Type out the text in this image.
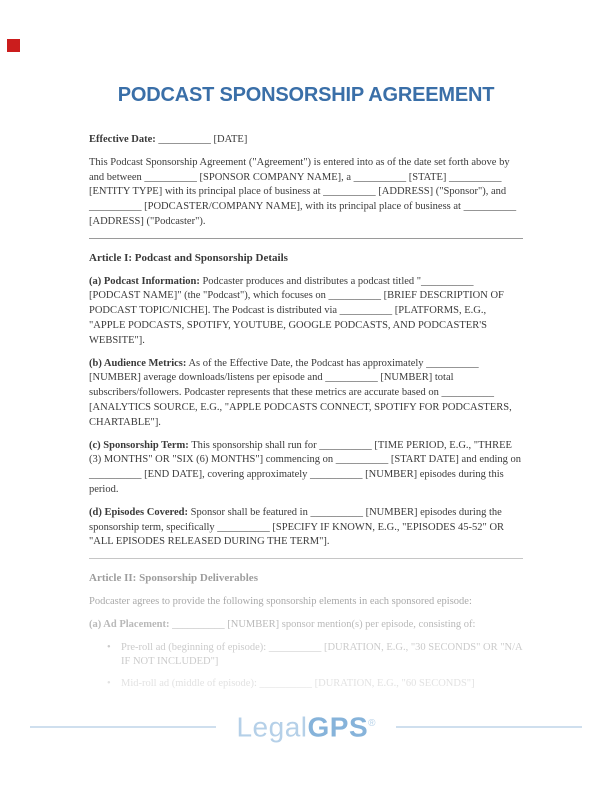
PODCAST SPONSORSHIP AGREEMENT

Effective Date: __________ [DATE]

This Podcast Sponsorship Agreement ("Agreement") is entered into as of the date set forth above by and between __________ [SPONSOR COMPANY NAME], a __________ [STATE] __________ [ENTITY TYPE] with its principal place of business at __________ [ADDRESS] ("Sponsor"), and __________ [PODCASTER/COMPANY NAME], with its principal place of business at __________ [ADDRESS] ("Podcaster").

Article I: Podcast and Sponsorship Details

(a) Podcast Information: Podcaster produces and distributes a podcast titled "__________ [PODCAST NAME]" (the "Podcast"), which focuses on __________ [BRIEF DESCRIPTION OF PODCAST TOPIC/NICHE]. The Podcast is distributed via __________ [PLATFORMS, E.G., "APPLE PODCASTS, SPOTIFY, YOUTUBE, GOOGLE PODCASTS, AND PODCASTER'S WEBSITE"].

(b) Audience Metrics: As of the Effective Date, the Podcast has approximately __________ [NUMBER] average downloads/listens per episode and __________ [NUMBER] total subscribers/followers. Podcaster represents that these metrics are accurate based on __________ [ANALYTICS SOURCE, E.G., "APPLE PODCASTS CONNECT, SPOTIFY FOR PODCASTERS, CHARTABLE"].

(c) Sponsorship Term: This sponsorship shall run for __________ [TIME PERIOD, E.G., "THREE (3) MONTHS" OR "SIX (6) MONTHS"] commencing on __________ [START DATE] and ending on __________ [END DATE], covering approximately __________ [NUMBER] episodes during this period.

(d) Episodes Covered: Sponsor shall be featured in __________ [NUMBER] episodes during the sponsorship term, specifically __________ [SPECIFY IF KNOWN, E.G., "EPISODES 45-52" OR "ALL EPISODES RELEASED DURING THE TERM"].

Article II: Sponsorship Deliverables

Podcaster agrees to provide the following sponsorship elements in each sponsored episode:

(a) Ad Placement: __________ [NUMBER] sponsor mention(s) per episode, consisting of:

• Pre-roll ad (beginning of episode): __________ [DURATION, E.G., "30 SECONDS" OR "N/A IF NOT INCLUDED"]
• Mid-roll ad (middle of episode): __________ [DURATION, E.G., "60 SECONDS"]
LegalGPS®
